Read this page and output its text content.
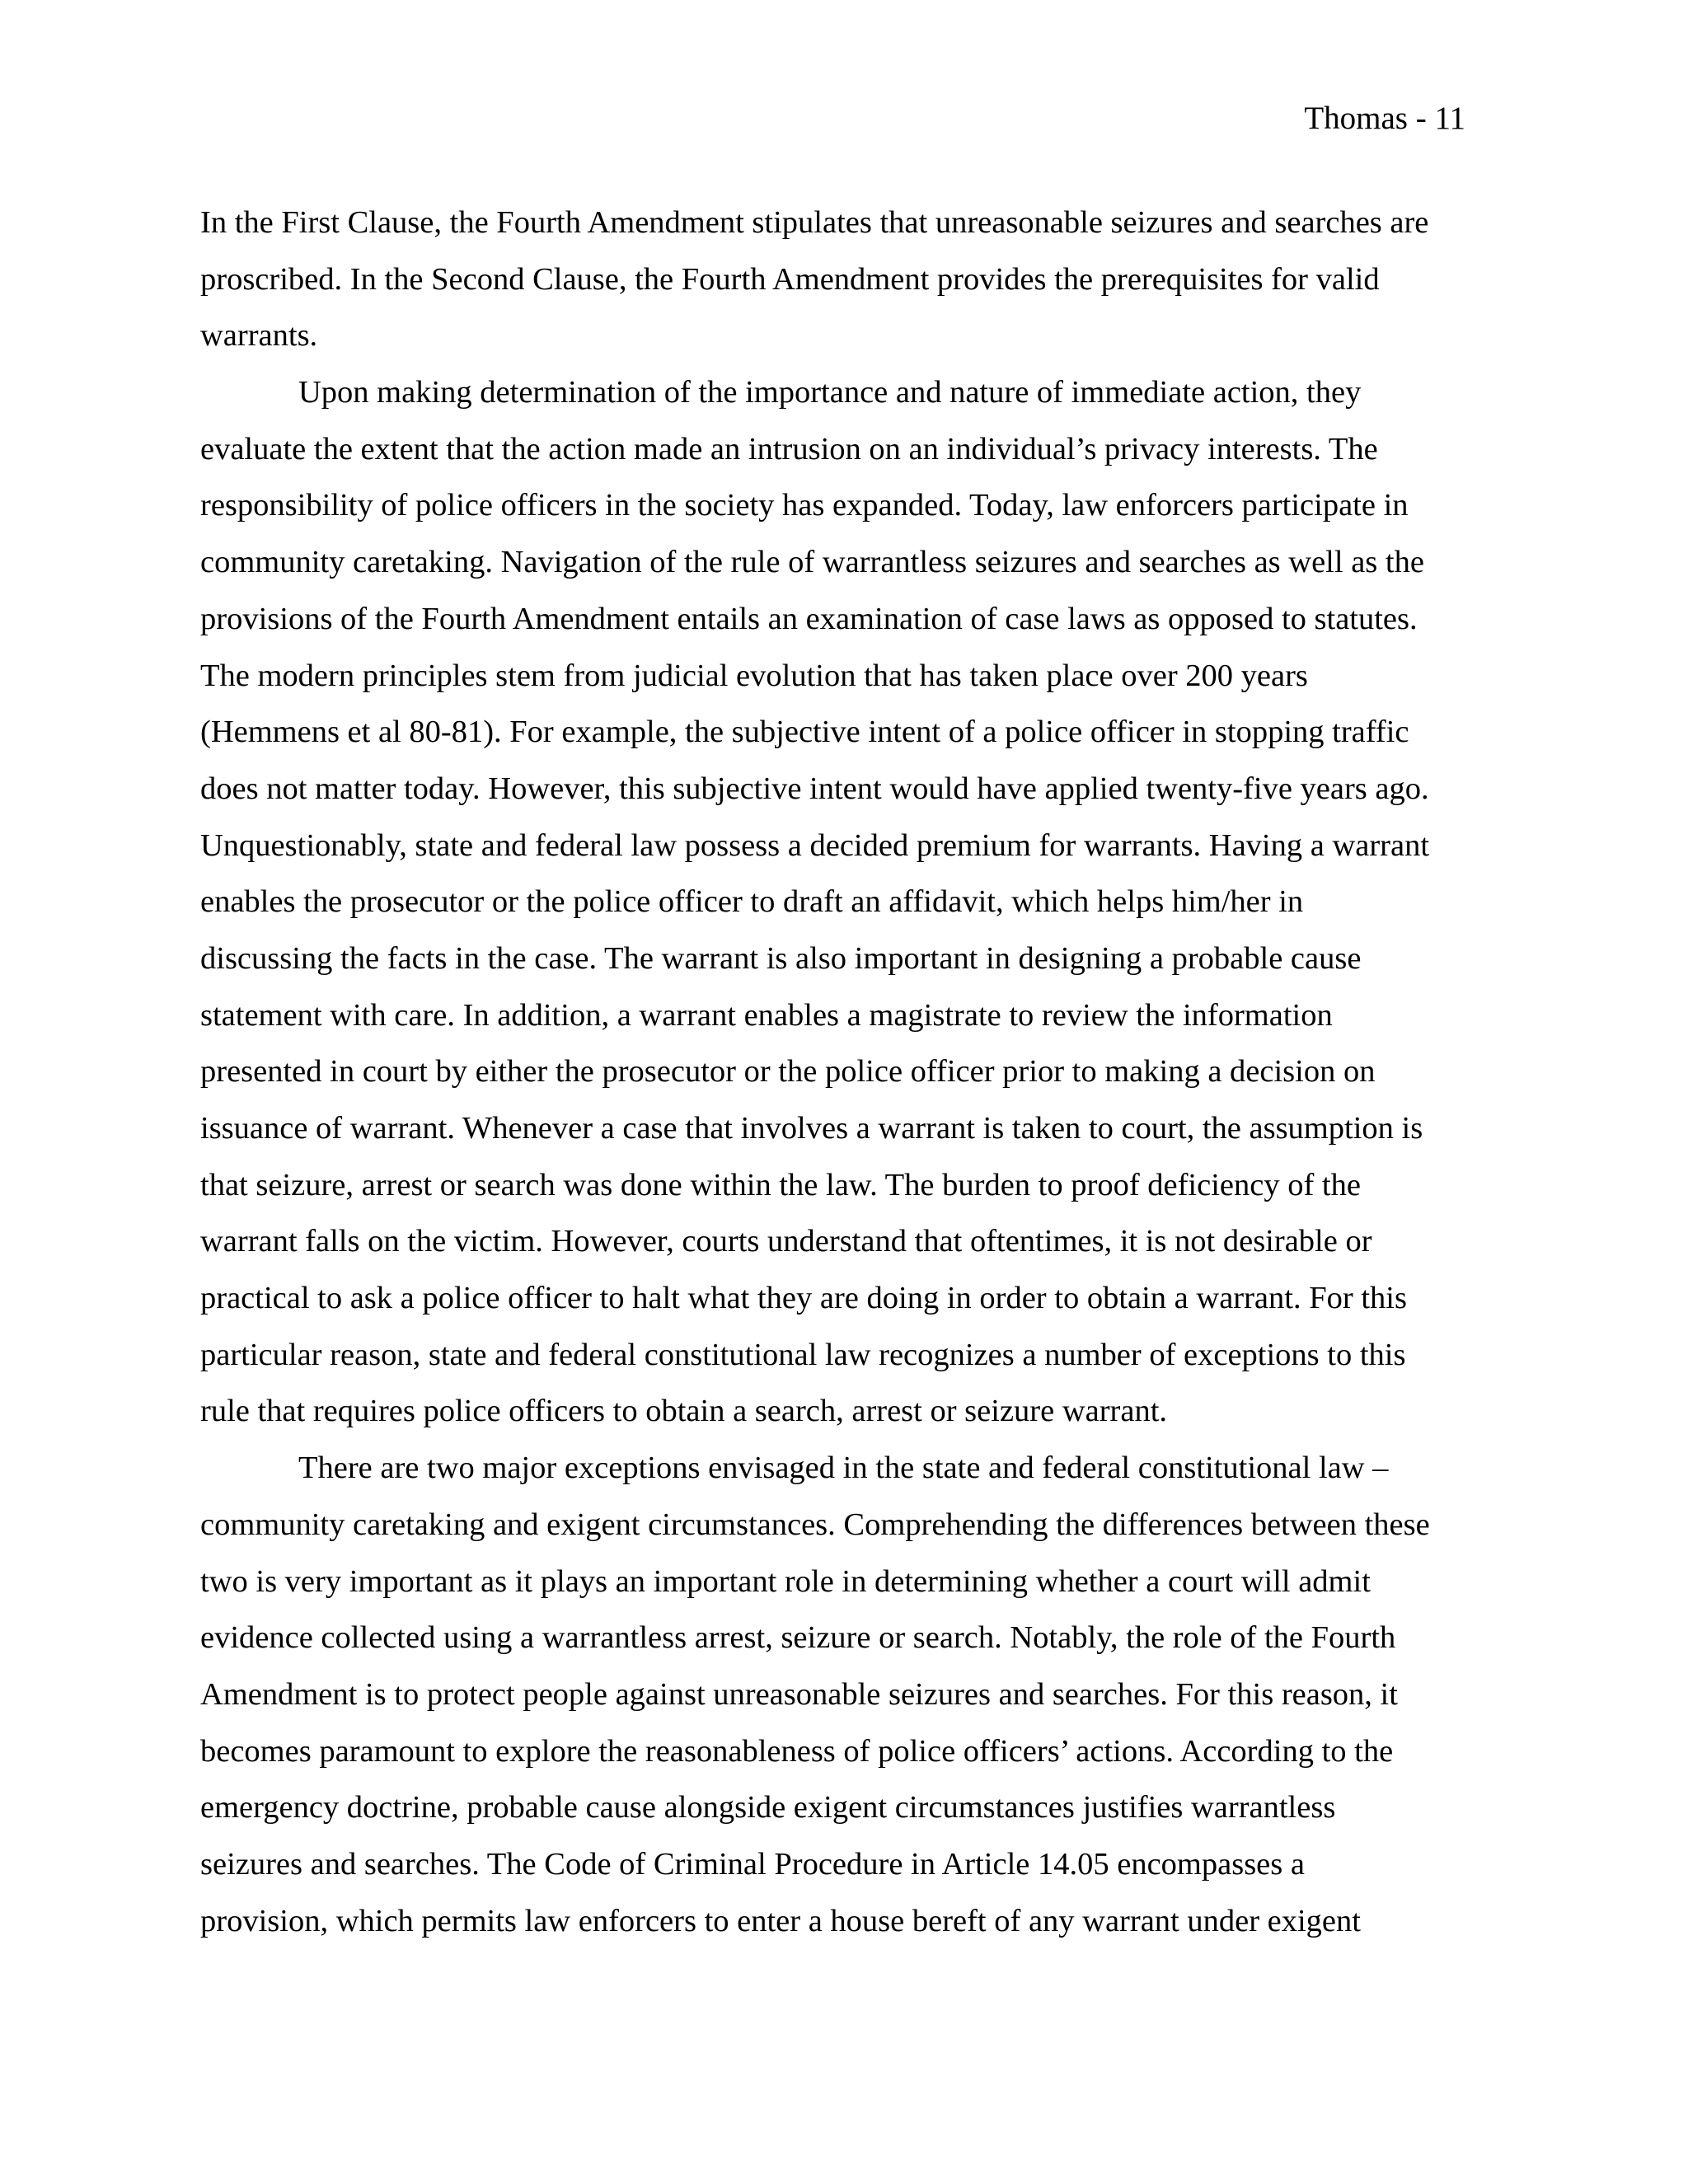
Thomas - 11
In the First Clause, the Fourth Amendment stipulates that unreasonable seizures and searches are
proscribed. In the Second Clause, the Fourth Amendment provides the prerequisites for valid
warrants.
Upon making determination of the importance and nature of immediate action, they
evaluate the extent that the action made an intrusion on an individual’s privacy interests. The
responsibility of police officers in the society has expanded. Today, law enforcers participate in
community caretaking. Navigation of the rule of warrantless seizures and searches as well as the
provisions of the Fourth Amendment entails an examination of case laws as opposed to statutes.
The modern principles stem from judicial evolution that has taken place over 200 years
(Hemmens et al 80-81). For example, the subjective intent of a police officer in stopping traffic
does not matter today. However, this subjective intent would have applied twenty-five years ago.
Unquestionably, state and federal law possess a decided premium for warrants. Having a warrant
enables the prosecutor or the police officer to draft an affidavit, which helps him/her in
discussing the facts in the case. The warrant is also important in designing a probable cause
statement with care. In addition, a warrant enables a magistrate to review the information
presented in court by either the prosecutor or the police officer prior to making a decision on
issuance of warrant. Whenever a case that involves a warrant is taken to court, the assumption is
that seizure, arrest or search was done within the law. The burden to proof deficiency of the
warrant falls on the victim. However, courts understand that oftentimes, it is not desirable or
practical to ask a police officer to halt what they are doing in order to obtain a warrant. For this
particular reason, state and federal constitutional law recognizes a number of exceptions to this
rule that requires police officers to obtain a search, arrest or seizure warrant.
There are two major exceptions envisaged in the state and federal constitutional law –
community caretaking and exigent circumstances. Comprehending the differences between these
two is very important as it plays an important role in determining whether a court will admit
evidence collected using a warrantless arrest, seizure or search. Notably, the role of the Fourth
Amendment is to protect people against unreasonable seizures and searches. For this reason, it
becomes paramount to explore the reasonableness of police officers’ actions. According to the
emergency doctrine, probable cause alongside exigent circumstances justifies warrantless
seizures and searches. The Code of Criminal Procedure in Article 14.05 encompasses a
provision, which permits law enforcers to enter a house bereft of any warrant under exigent
